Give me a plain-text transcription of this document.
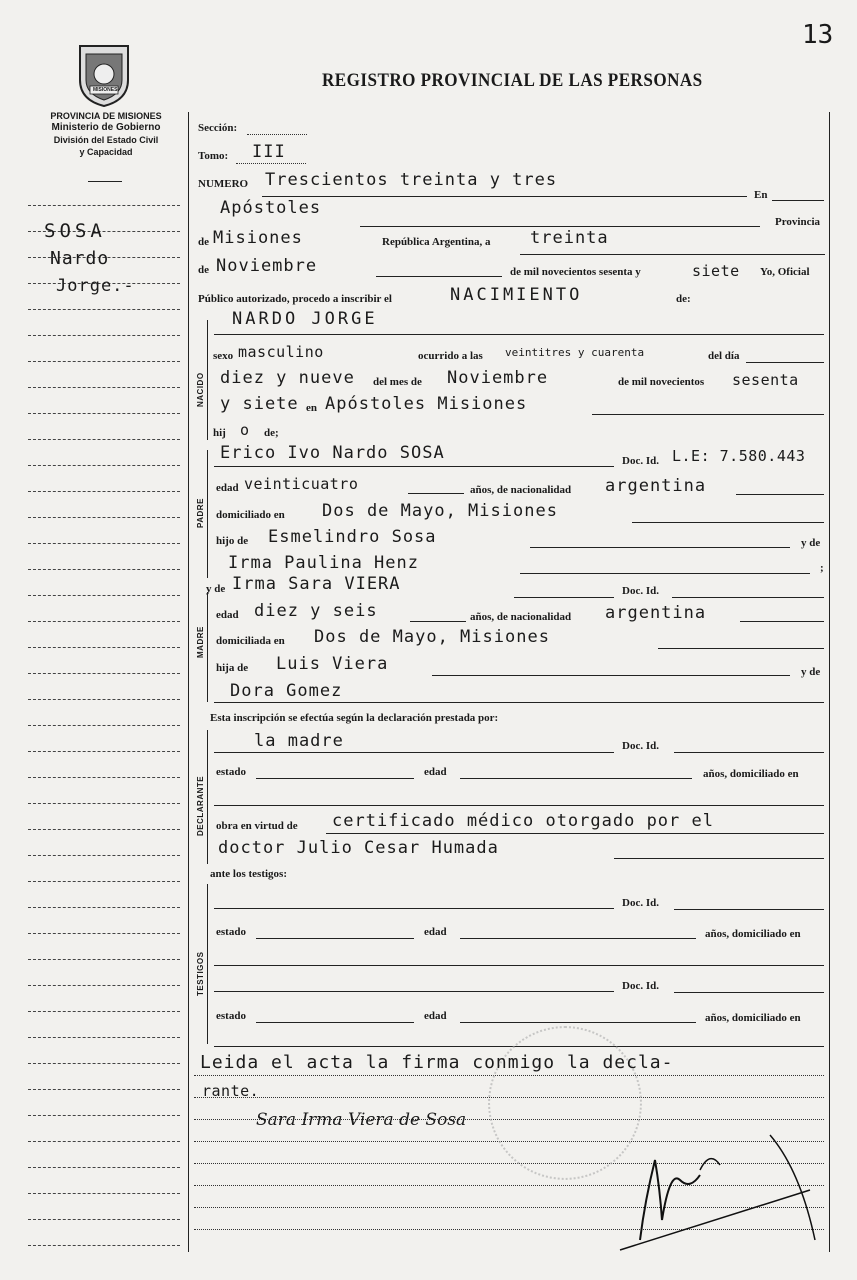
13
MISIONES
PROVINCIA DE MISIONES
Ministerio de Gobierno
División del Estado Civil
y Capacidad
REGISTRO PROVINCIAL DE LAS PERSONAS
SOSA
Nardo
Jorge.-
Sección:
Tomo: III
NUMERO Trescientos treinta y tres
En
Apóstoles
Provincia
de Misiones	República Argentina, a treinta
de Noviembre	de mil novecientos sesenta y	siete Yo, Oficial
Público autorizado, procedo a inscribir el	NACIMIENTO	de:
NARDO JORGE
NACIDO
sexo masculino	ocurrido a las veintitres y cuarenta	del día
diez y nueve del mes de Noviembre	de mil novecientos sesenta
y siete en Apóstoles Misiones
hij o de;
PADRE
Erico Ivo Nardo SOSA	Doc. Id. L.E: 7.580.443
edad veinticuatro	años, de nacionalidad argentina
domiciliado en Dos de Mayo, Misiones
hijo de Esmelindro Sosa	y de
Irma Paulina Henz	;
MADRE
y de Irma Sara VIERA	Doc. Id.
edad diez y seis	años, de nacionalidad argentina
domiciliada en Dos de Mayo, Misiones
hija de Luis Viera	y de
Dora Gomez
Esta inscripción se efectúa según la declaración prestada por:
DECLARANTE
la madre	Doc. Id.
estado	edad	años, domiciliado en
obra en virtud de certificado médico otorgado por el
doctor Julio Cesar Humada
ante los testigos:
TESTIGOS
Doc. Id.
estado	edad	años, domiciliado en
Doc. Id.
estado	edad	años, domiciliado en
Leida el acta la firma conmigo la decla-
rante.
Sara Irma Viera de Sosa
